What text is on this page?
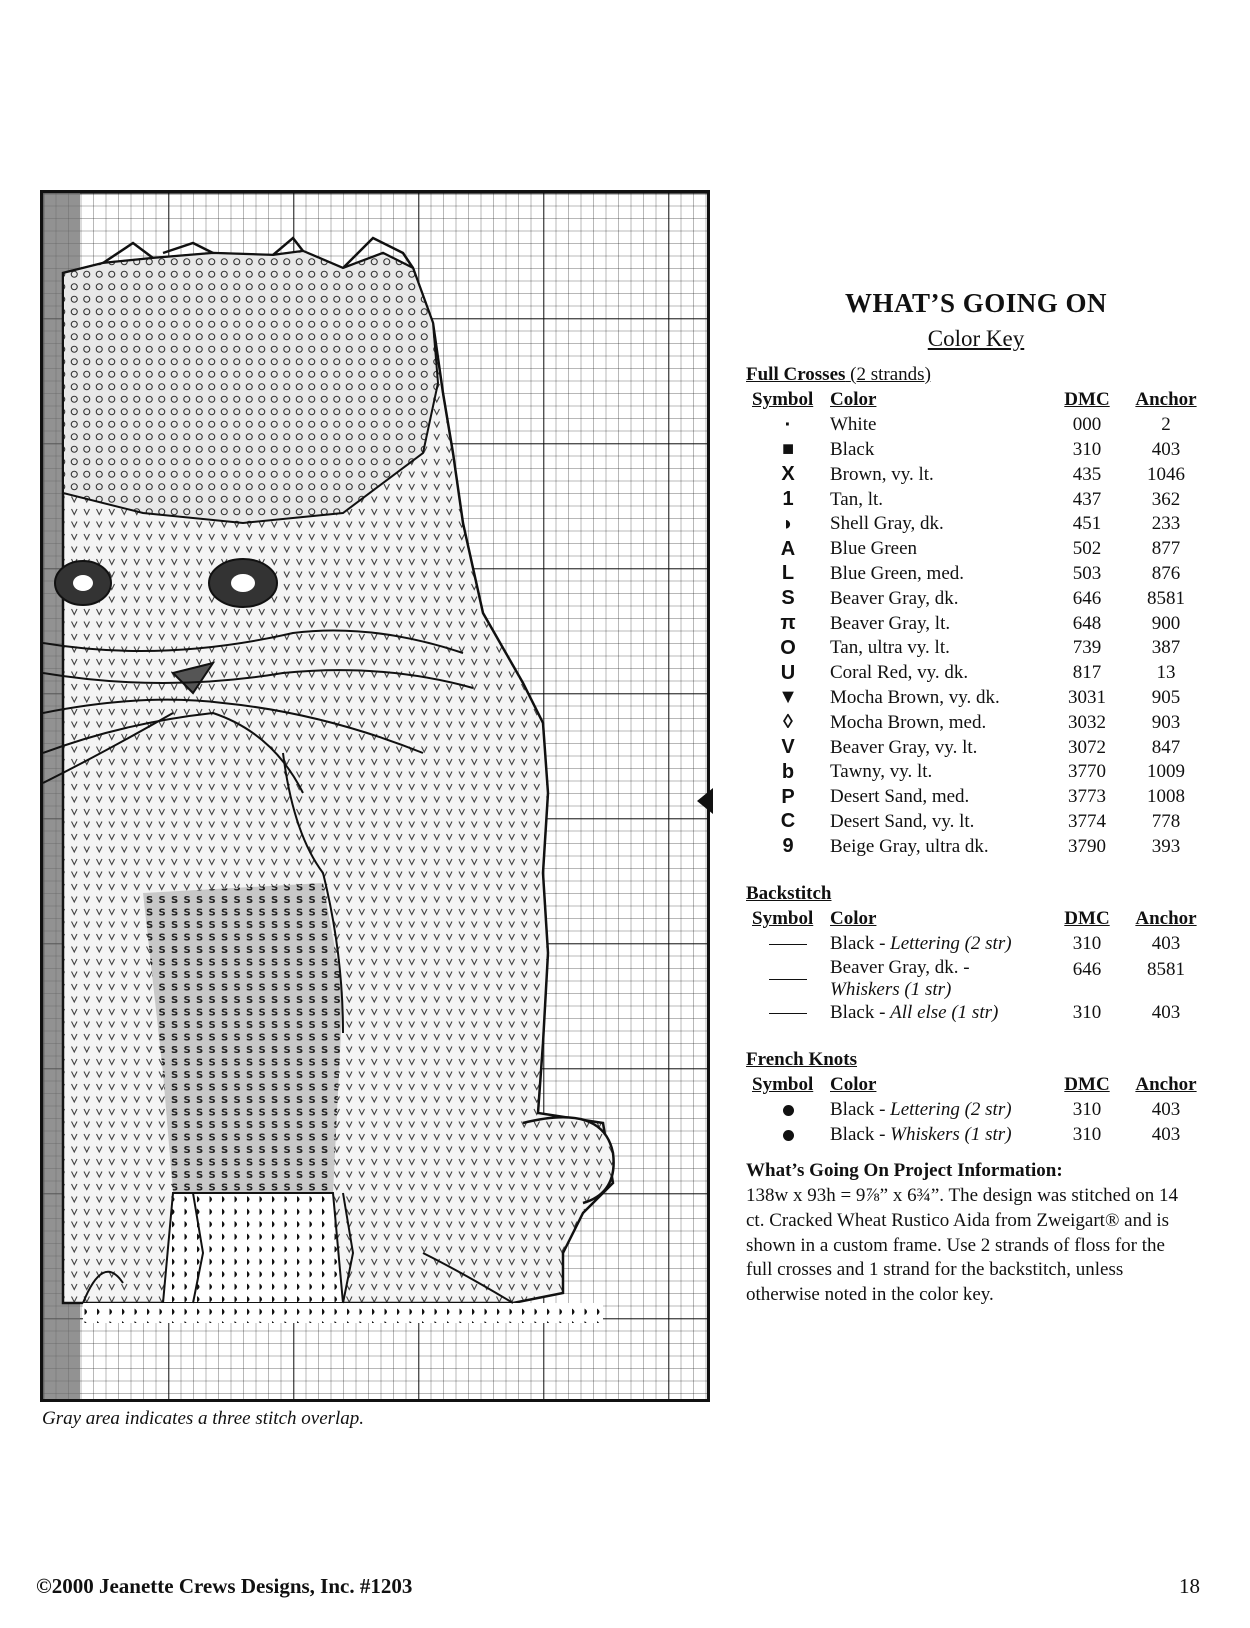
Gray area indicates a three stitch overlap.
WHAT’S GOING ON
Color Key
Full Crosses (2 strands)
Symbol	Color	DMC	Anchor
·	White	000	2
■	Black	310	403
X	Brown, vy. lt.	435	1046
1	Tan, lt.	437	362
◗	Shell Gray, dk.	451	233
A	Blue Green	502	877
L	Blue Green, med.	503	876
S	Beaver Gray, dk.	646	8581
π	Beaver Gray, lt.	648	900
O	Tan, ultra vy. lt.	739	387
U	Coral Red, vy. dk.	817	13
▼	Mocha Brown, vy. dk.	3031	905
◊	Mocha Brown, med.	3032	903
V	Beaver Gray, vy. lt.	3072	847
b	Tawny, vy. lt.	3770	1009
P	Desert Sand, med.	3773	1008
C	Desert Sand, vy. lt.	3774	778
9	Beige Gray, ultra dk.	3790	393
Backstitch
Symbol	Color	DMC	Anchor
	Black - Lettering (2 str)	310	403
	Beaver Gray, dk. -
Whiskers (1 str)	646	8581
	Black - All else (1 str)	310	403
French Knots
Symbol	Color	DMC	Anchor
	Black - Lettering (2 str)	310	403
	Black - Whiskers (1 str)	310	403
What’s Going On Project Information:
138w x 93h = 9⅞” x 6¾”. The design was stitched on 14 ct. Cracked Wheat Rustico Aida from Zweigart® and is shown in a custom frame. Use 2 strands of floss for the full crosses and 1 strand for the backstitch, unless otherwise noted in the color key.
©2000 Jeanette Crews Designs, Inc. #1203	18
